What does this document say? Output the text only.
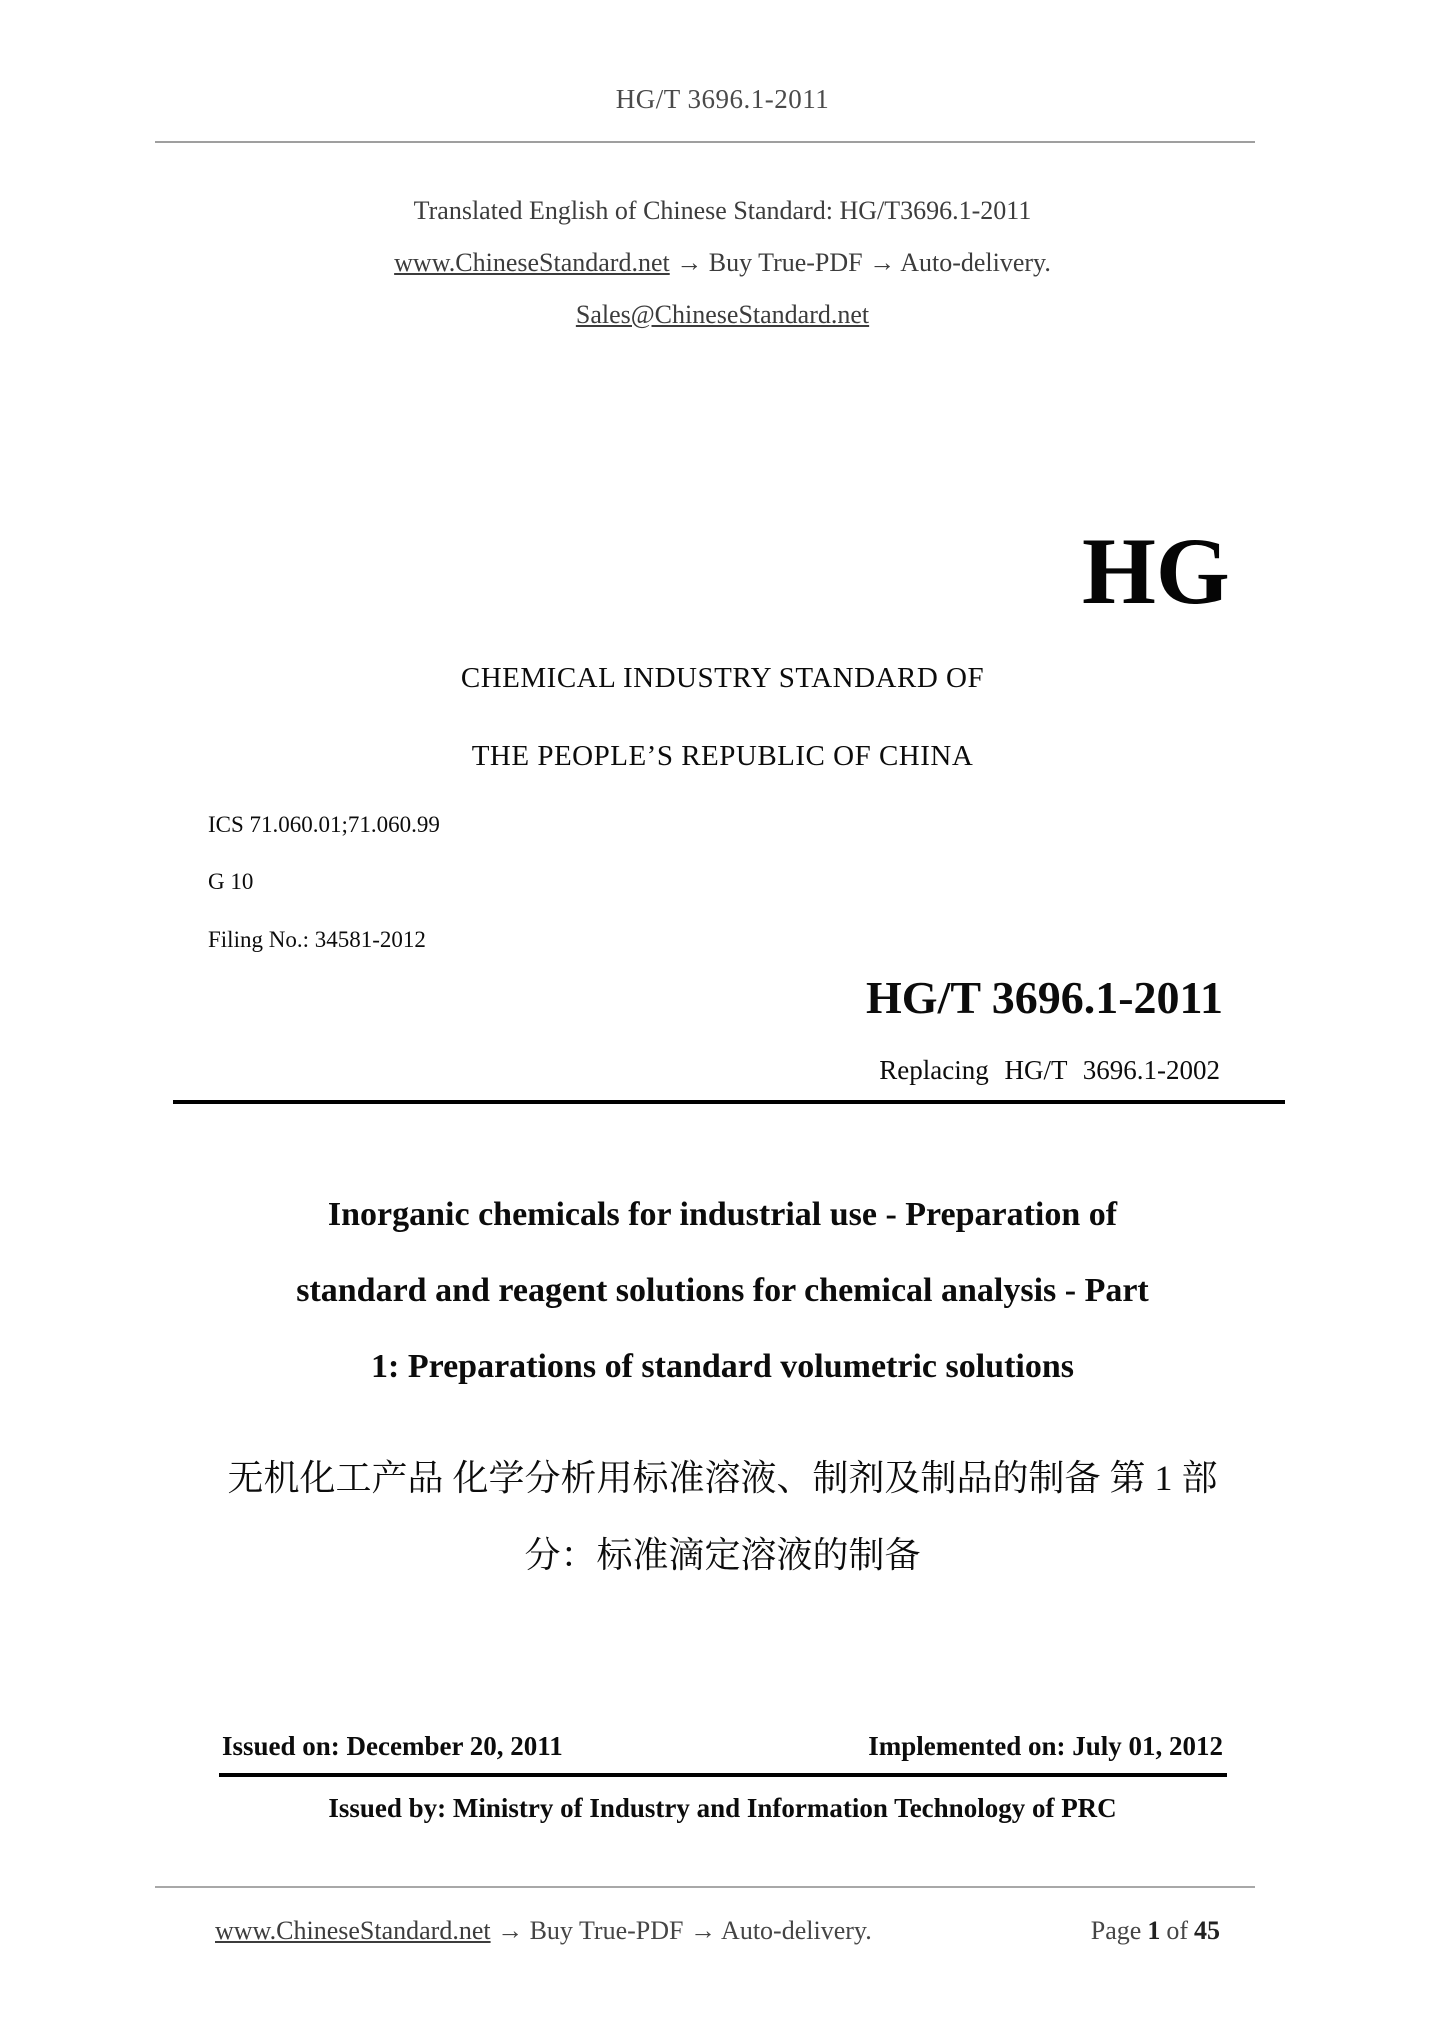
HG/T 3696.1-2011
Translated English of Chinese Standard: HG/T3696.1-2011
www.ChineseStandard.net → Buy True-PDF → Auto-delivery.
Sales@ChineseStandard.net
HG
CHEMICAL INDUSTRY STANDARD OF
THE PEOPLE’S REPUBLIC OF CHINA
ICS 71.060.01;71.060.99
G 10
Filing No.: 34581-2012
HG/T 3696.1-2011
Replacing HG/T 3696.1-2002
Inorganic chemicals for industrial use - Preparation of
standard and reagent solutions for chemical analysis - Part
1: Preparations of standard volumetric solutions
无机化工产品 化学分析用标准溶液、制剂及制品的制备 第 1 部
分：标准滴定溶液的制备
Issued on: December 20, 2011	Implemented on: July 01, 2012
Issued by: Ministry of Industry and Information Technology of PRC
www.ChineseStandard.net → Buy True-PDF → Auto-delivery.	Page 1 of 45
